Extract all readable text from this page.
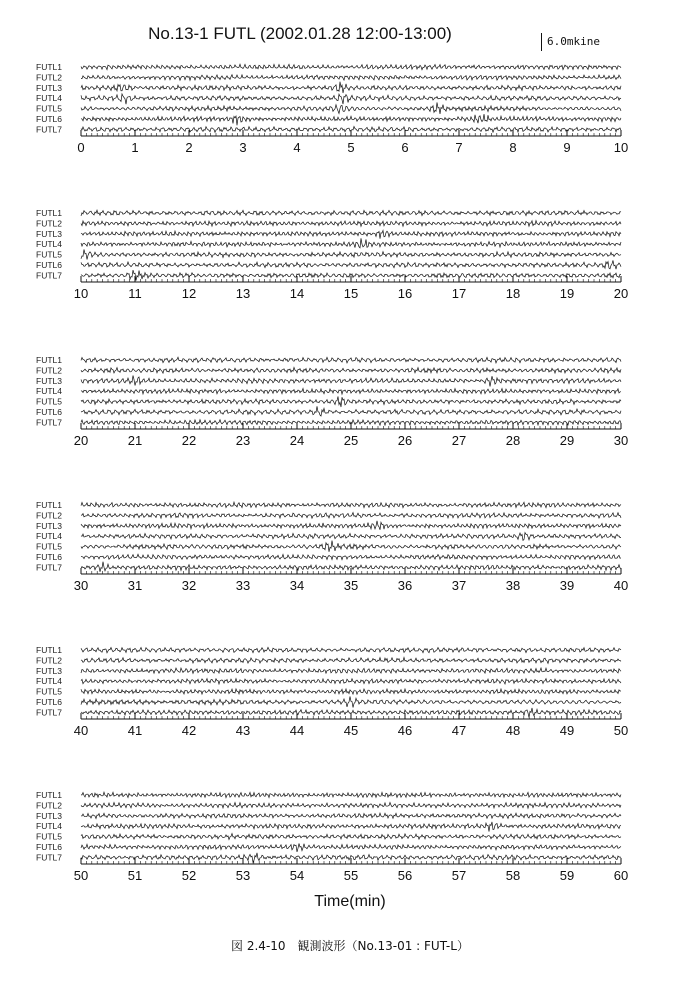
No.13-1 FUTL (2002.01.28 12:00-13:00)	6.0mkine
FUTL1
FUTL2
FUTL3
FUTL4
FUTL5
FUTL6
FUTL7
0	1	2	3	4	5	6	7	8	9	10
FUTL1
FUTL2
FUTL3
FUTL4
FUTL5
FUTL6
FUTL7
10	11	12	13	14	15	16	17	18	19	20
FUTL1
FUTL2
FUTL3
FUTL4
FUTL5
FUTL6
FUTL7
20	21	22	23	24	25	26	27	28	29	30
FUTL1
FUTL2
FUTL3
FUTL4
FUTL5
FUTL6
FUTL7
30	31	32	33	34	35	36	37	38	39	40
FUTL1
FUTL2
FUTL3
FUTL4
FUTL5
FUTL6
FUTL7
40	41	42	43	44	45	46	47	48	49	50
FUTL1
FUTL2
FUTL3
FUTL4
FUTL5
FUTL6
FUTL7
50	51	52	53	54	55	56	57	58	59	60
Time(min)
図 2.4-10　観測波形（No.13-01 : FUT-L）
